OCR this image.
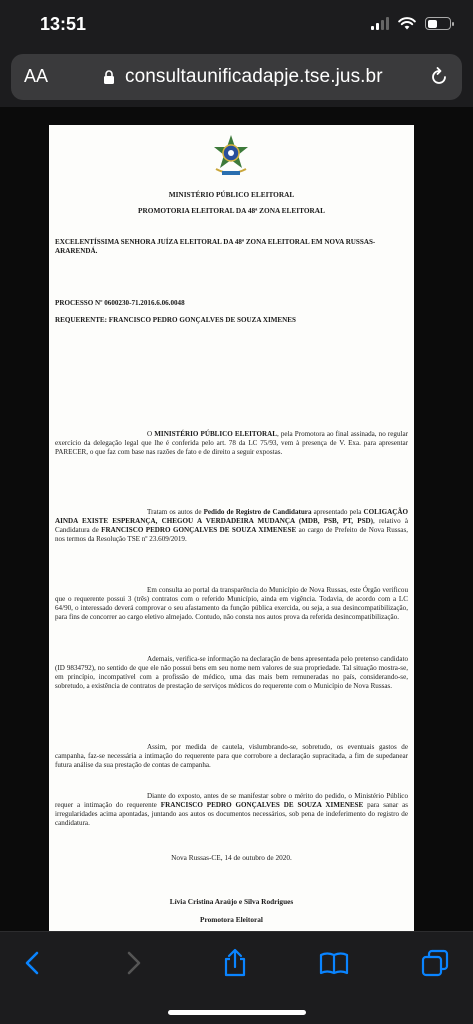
13:51
AA	consultaunificadapje.tse.jus.br
MINISTÉRIO PÚBLICO ELEITORAL
PROMOTORIA ELEITORAL DA 48ª ZONA ELEITORAL
EXCELENTÍSSIMA SENHORA JUÍZA ELEITORAL DA 48ª ZONA ELEITORAL EM NOVA RUSSAS-ARARENDÁ.
PROCESSO Nº 0600230-71.2016.6.06.0048
REQUERENTE: FRANCISCO PEDRO GONÇALVES DE SOUZA XIMENES

O MINISTÉRIO PÚBLICO ELEITORAL, pela Promotora ao final assinada, no regular exercício da delegação legal que lhe é conferida pelo art. 78 da LC 75/93, vem à presença de V. Exa. para apresentar PARECER, o que faz com base nas razões de fato e de direito a seguir expostas.

Tratam os autos de Pedido de Registro de Candidatura apresentado pela COLIGAÇÃO AINDA EXISTE ESPERANÇA, CHEGOU A VERDADEIRA MUDANÇA (MDB, PSB, PT, PSD), relativo à Candidatura de FRANCISCO PEDRO GONÇALVES DE SOUZA XIMENESE ao cargo de Prefeito de Nova Russas, nos termos da Resolução TSE nº 23.609/2019.

Em consulta ao portal da transparência do Município de Nova Russas, este Órgão verificou que o requerente possui 3 (três) contratos com o referido Município, ainda em vigência. Todavia, de acordo com a LC 64/90, o interessado deverá comprovar o seu afastamento da função pública exercida, ou seja, a sua desincompatibilização, para fins de concorrer ao cargo eletivo almejado. Contudo, não consta nos autos prova da referida desincompatibilização.

Ademais, verifica-se informação na declaração de bens apresentada pelo pretenso candidato (ID 9834792), no sentido de que ele não possui bens em seu nome nem valores de sua propriedade. Tal situação mostra-se, em princípio, incompatível com a profissão de médico, uma das mais bem remuneradas no país, considerando-se, sobretudo, a existência de contratos de prestação de serviços médicos do requerente com o Município de Nova Russas.

Assim, por medida de cautela, vislumbrando-se, sobretudo, os eventuais gastos de campanha, faz-se necessária a intimação do requerente para que corrobore a declaração supracitada, a fim de supedanear futura análise da sua prestação de contas de campanha.

Diante do exposto, antes de se manifestar sobre o mérito do pedido, o Ministério Público requer a intimação do requerente FRANCISCO PEDRO GONÇALVES DE SOUZA XIMENESE para sanar as irregularidades acima apontadas, juntando aos autos os documentos necessários, sob pena de indeferimento do registro de candidatura.

Nova Russas-CE, 14 de outubro de 2020.
Lívia Cristina Araújo e Silva Rodrigues
Promotora Eleitoral
